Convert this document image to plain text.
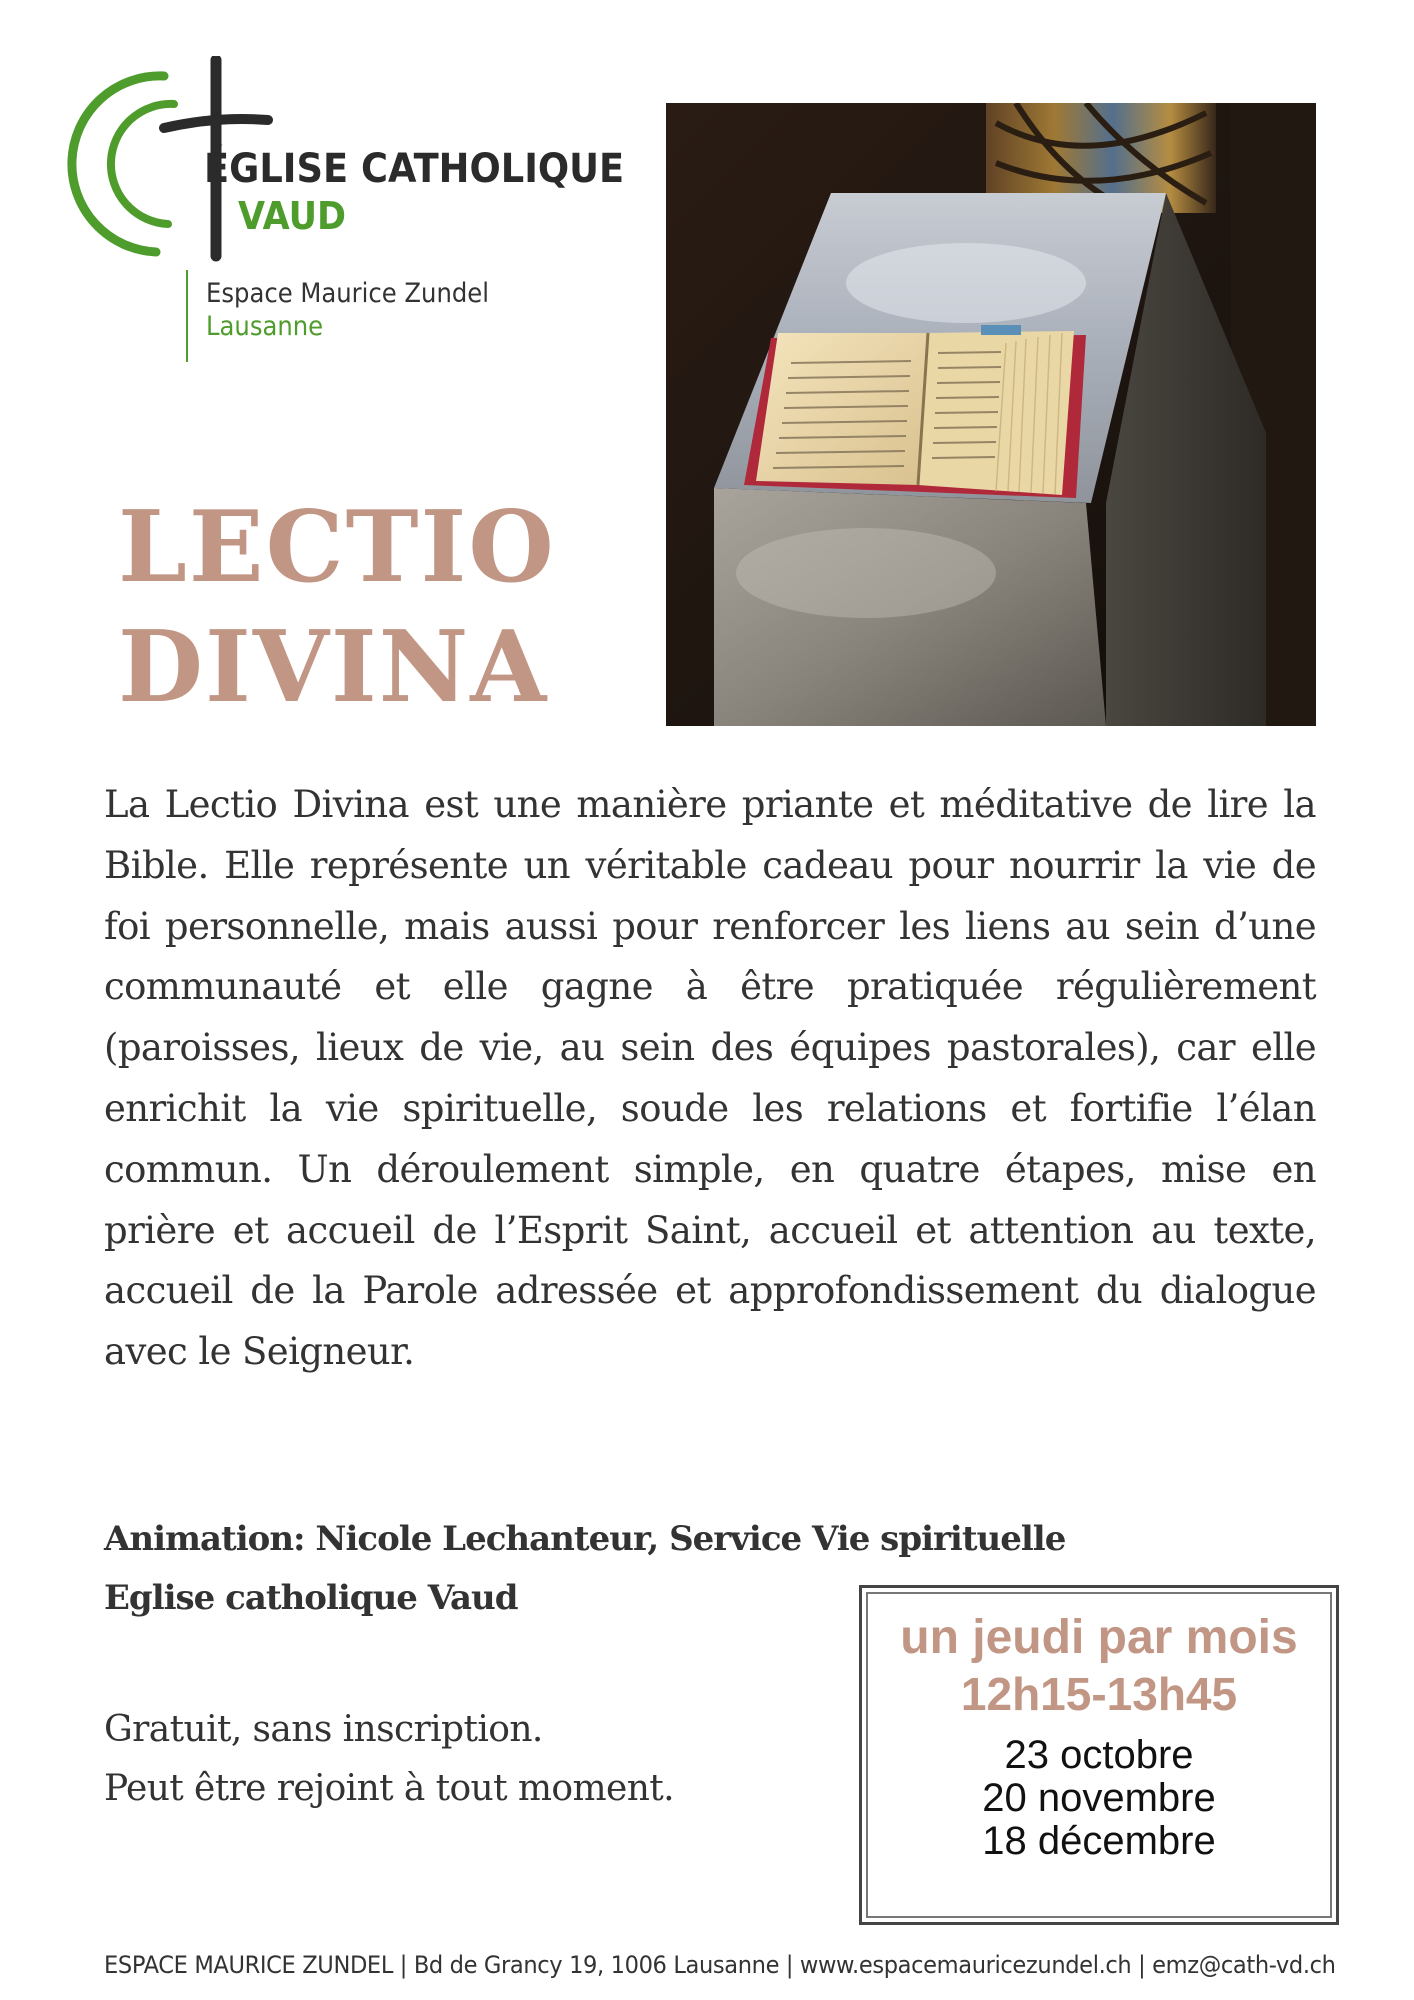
ÉGLISE CATHOLIQUE
VAUD
Espace Maurice Zundel
Lausanne
LECTIO
DIVINA
La Lectio Divina est une manière priante et méditative de lire la Bible. Elle représente un véritable cadeau pour nourrir la vie de foi personnelle, mais aussi pour renforcer les liens au sein d’une communauté et elle gagne à être pratiquée régulièrement (paroisses, lieux de vie, au sein des équipes pastorales), car elle enrichit la vie spirituelle, soude les relations et fortifie l’élan commun. Un déroulement simple, en quatre étapes, mise en prière et accueil de l’Esprit Saint, accueil et attention au texte, accueil de la Parole adressée et approfondissement du dialogue avec le Seigneur.
Animation: Nicole Lechanteur, Service Vie spirituelle
Eglise catholique Vaud
Gratuit, sans inscription.
Peut être rejoint à tout moment.
un jeudi par mois
12h15-13h45
23 octobre
20 novembre
18 décembre
ESPACE MAURICE ZUNDEL | Bd de Grancy 19, 1006 Lausanne | www.espacemauricezundel.ch | emz@cath-vd.ch
